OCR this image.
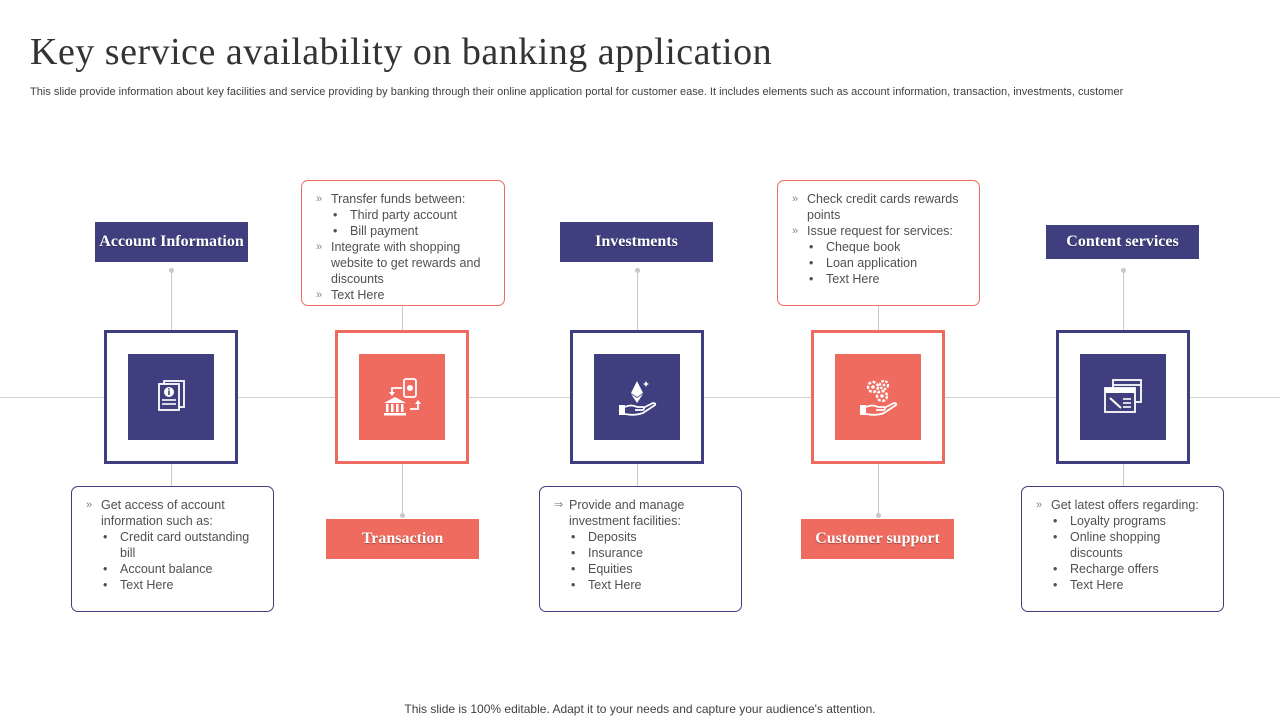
Key service availability on banking application
This slide provide information about key facilities and service providing by banking through their online application portal for customer ease. It includes elements such as account information, transaction, investments, customer
Account Information
» Get access of account information such as:
• Credit card outstanding bill
• Account balance
• Text Here
» Transfer funds between:
• Third party account
• Bill payment
» Integrate with shopping website to get rewards and discounts
» Text Here
Transaction
Investments
⇒ Provide and manage investment facilities:
• Deposits
• Insurance
• Equities
• Text Here
» Check credit cards rewards points
» Issue request for services:
• Cheque book
• Loan application
• Text Here
Customer support
Content services
» Get latest offers regarding:
• Loyalty programs
• Online shopping discounts
• Recharge offers
• Text Here
This slide is 100% editable. Adapt it to your needs and capture your audience's attention.
